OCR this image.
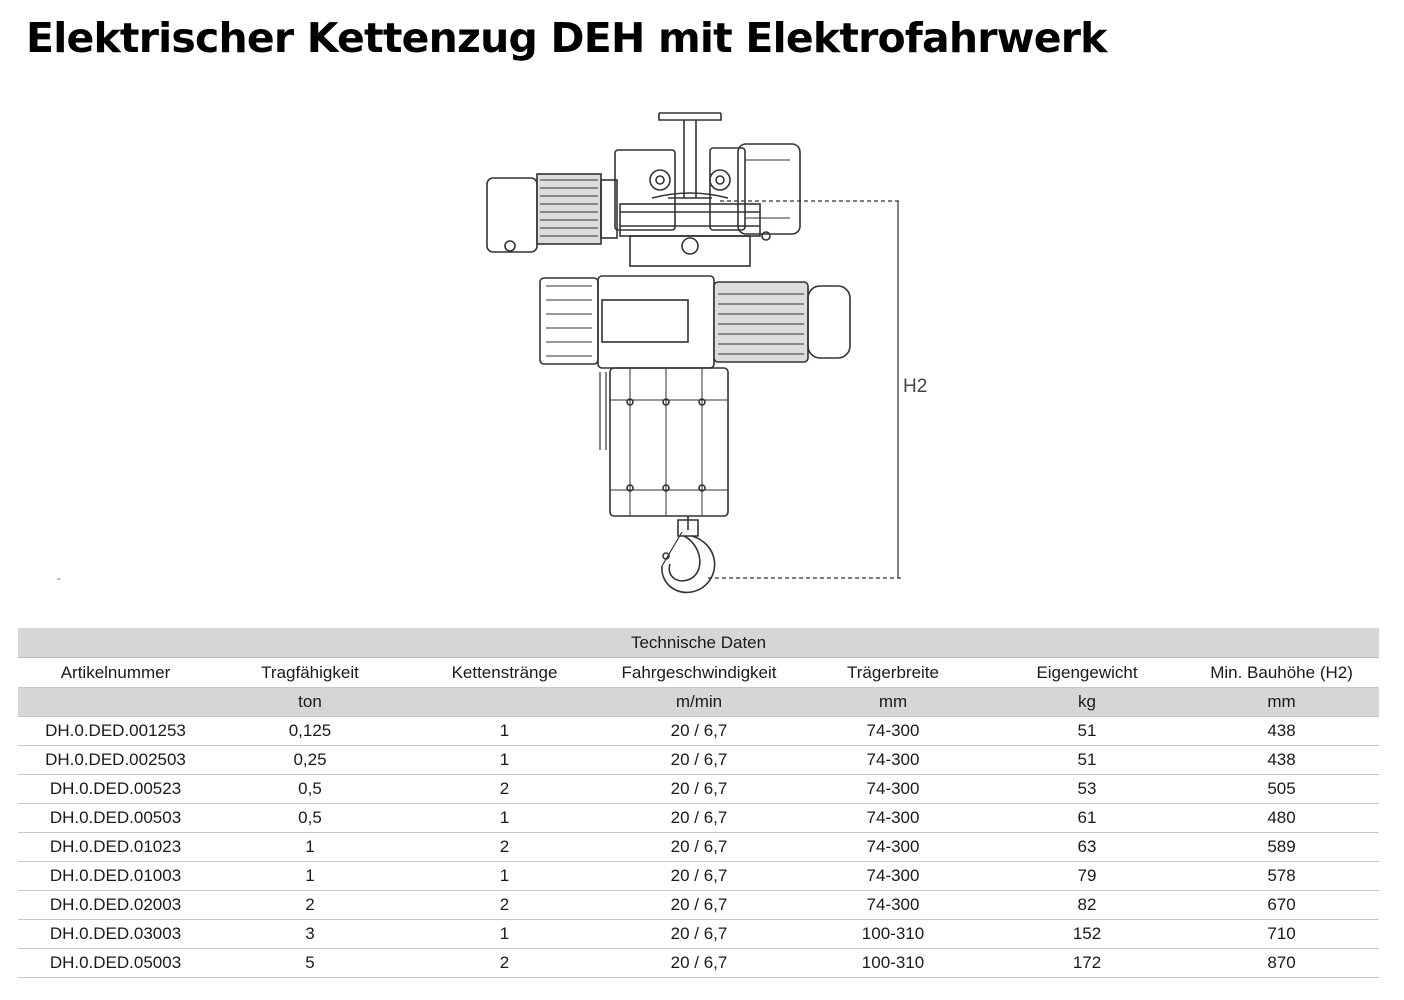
Elektrischer Kettenzug DEH mit Elektrofahrwerk
H2
˝
Technische Daten						
Artikelnummer	Tragfähigkeit	Kettenstränge	Fahrgeschwindigkeit	Trägerbreite	Eigengewicht	Min. Bauhöhe (H2)
	ton		m/min	mm	kg	mm
DH.0.DED.001253	0,125	1	20 / 6,7	74-300	51	438
DH.0.DED.002503	0,25	1	20 / 6,7	74-300	51	438
DH.0.DED.00523	0,5	2	20 / 6,7	74-300	53	505
DH.0.DED.00503	0,5	1	20 / 6,7	74-300	61	480
DH.0.DED.01023	1	2	20 / 6,7	74-300	63	589
DH.0.DED.01003	1	1	20 / 6,7	74-300	79	578
DH.0.DED.02003	2	2	20 / 6,7	74-300	82	670
DH.0.DED.03003	3	1	20 / 6,7	100-310	152	710
DH.0.DED.05003	5	2	20 / 6,7	100-310	172	870
